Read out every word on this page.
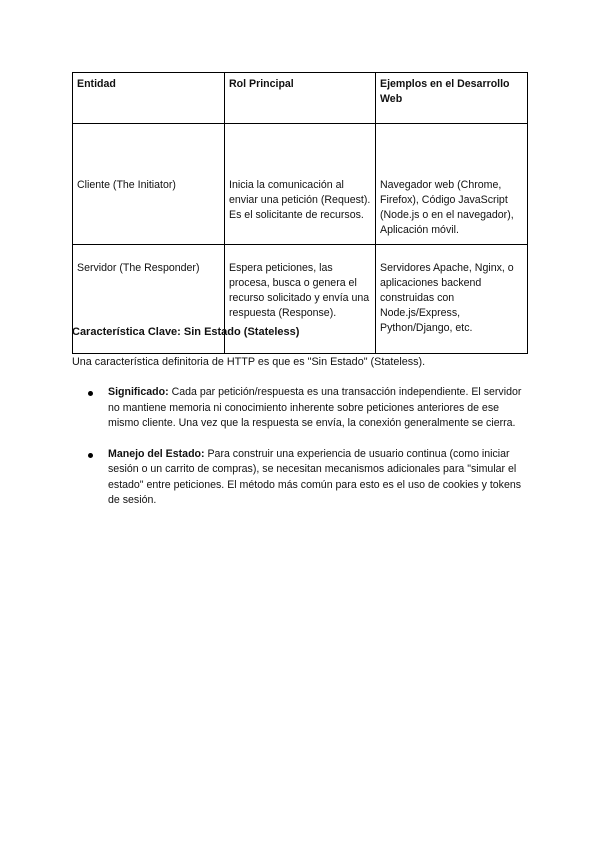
Entidad	Rol Principal	Ejemplos en el Desarrollo Web
Cliente (The Initiator)	Inicia la comunicación al enviar una petición (Request). Es el solicitante de recursos.	Navegador web (Chrome, Firefox), Código JavaScript (Node.js o en el navegador), Aplicación móvil.
Servidor (The Responder)	Espera peticiones, las procesa, busca o genera el recurso solicitado y envía una respuesta (Response).	Servidores Apache, Nginx, o aplicaciones backend construidas con Node.js/Express, Python/Django, etc.
Característica Clave: Sin Estado (Stateless)
Una característica definitoria de HTTP es que es "Sin Estado" (Stateless).
Significado: Cada par petición/respuesta es una transacción independiente. El servidor no mantiene memoria ni conocimiento inherente sobre peticiones anteriores de ese mismo cliente. Una vez que la respuesta se envía, la conexión generalmente se cierra.
Manejo del Estado: Para construir una experiencia de usuario continua (como iniciar sesión o un carrito de compras), se necesitan mecanismos adicionales para "simular el estado" entre peticiones. El método más común para esto es el uso de cookies y tokens de sesión.
